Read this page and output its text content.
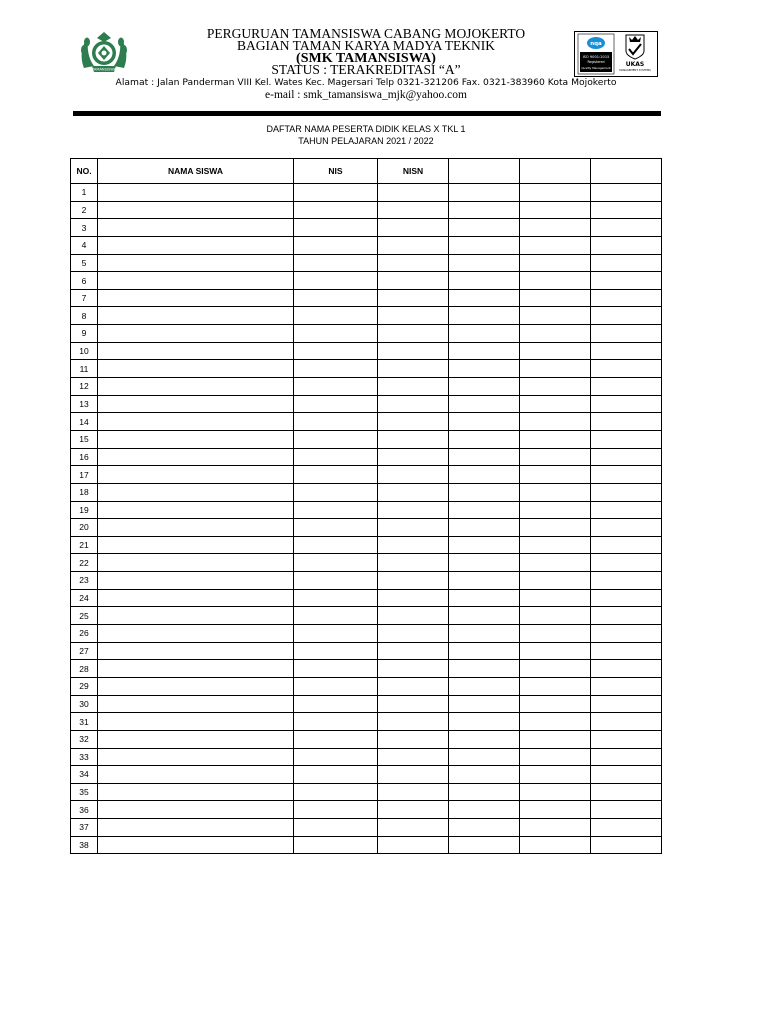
TAMANSISWA
PERGURUAN TAMANSISWA CABANG MOJOKERTO
BAGIAN TAMAN KARYA MADYA TEKNIK
(SMK TAMANSISWA)
STATUS : TERAKREDITASI “A”
nqa
ISO 9001:2015
Registered
Quality Management	UKAS
MANAGEMENT SYSTEMS
Alamat : Jalan Panderman VIII Kel. Wates Kec. Magersari Telp 0321-321206 Fax. 0321-383960 Kota Mojokerto
e-mail : smk_tamansiswa_mjk@yahoo.com
DAFTAR NAMA PESERTA DIDIK KELAS X TKL 1
TAHUN PELAJARAN 2021 / 2022
NO.	NAMA SISWA	NIS	NISN			
1						
2						
3						
4						
5						
6						
7						
8						
9						
10						
11						
12						
13						
14						
15						
16						
17						
18						
19						
20						
21						
22						
23						
24						
25						
26						
27						
28						
29						
30						
31						
32						
33						
34						
35						
36						
37						
38						
